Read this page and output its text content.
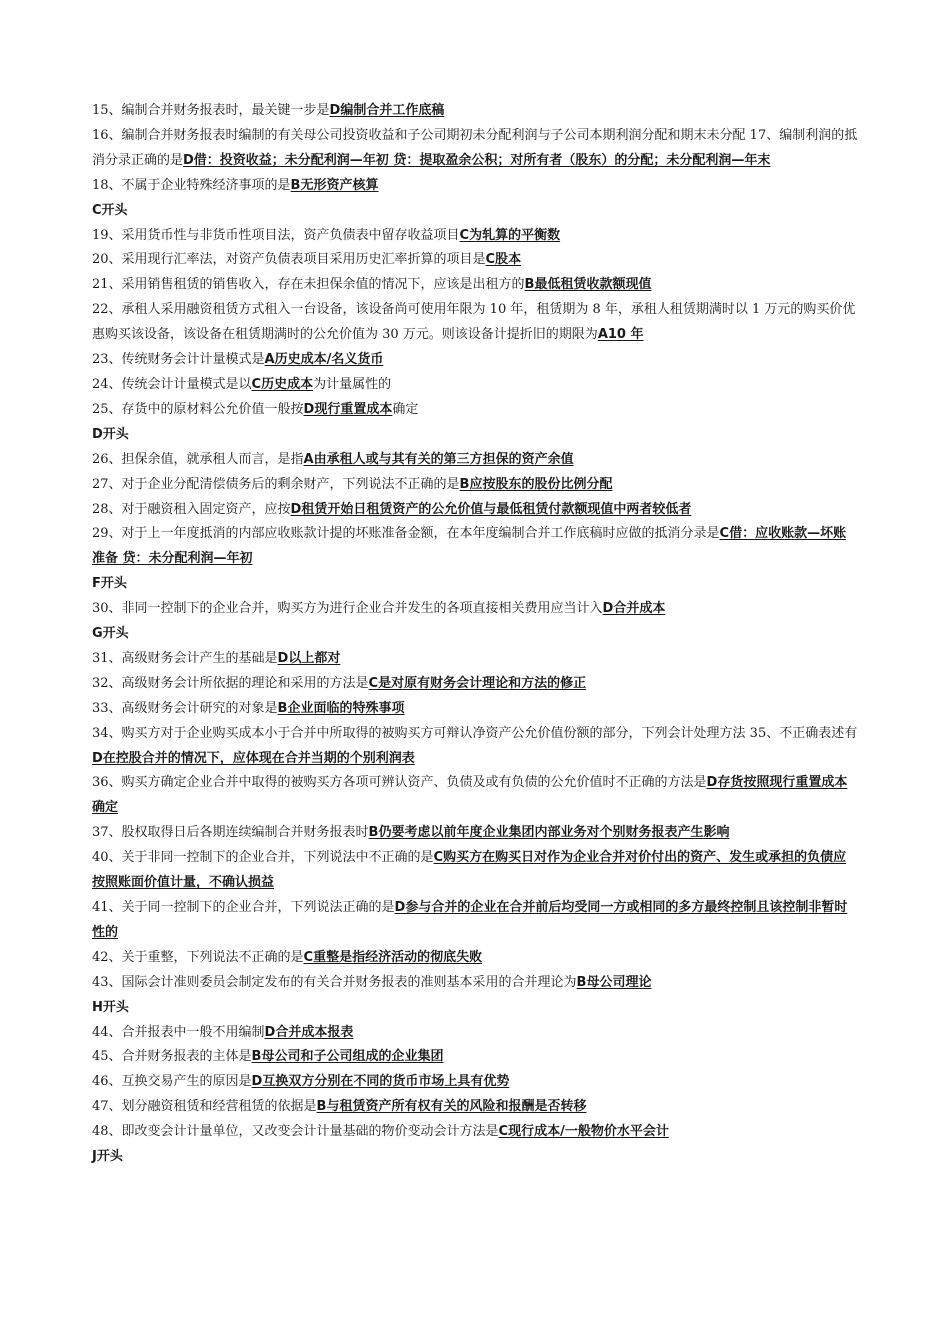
15、编制合并财务报表时，最关键一步是D编制合并工作底稿

16、编制合并财务报表时编制的有关母公司投资收益和子公司期初未分配利润与子公司本期利润分配和期末未分配 17、编制利润的抵消分录正确的是D借：投资收益；未分配利润—年初 贷：提取盈余公积；对所有者（股东）的分配；未分配利润—年末

18、不属于企业特殊经济事项的是B无形资产核算

C开头

19、采用货币性与非货币性项目法，资产负债表中留存收益项目C为轧算的平衡数

20、采用现行汇率法，对资产负债表项目采用历史汇率折算的项目是C股本

21、采用销售租赁的销售收入，存在未担保余值的情况下，应该是出租方的B最低租赁收款额现值

22、承租人采用融资租赁方式租入一台设备，该设备尚可使用年限为 10 年，租赁期为 8 年，承租人租赁期满时以 1 万元的购买价优惠购买该设备，该设备在租赁期满时的公允价值为 30 万元。则该设备计提折旧的期限为A10 年

23、传统财务会计计量模式是A历史成本/名义货币

24、传统会计计量模式是以C历史成本为计量属性的

25、存货中的原材料公允价值一般按D现行重置成本确定

D开头

26、担保余值，就承租人而言，是指A由承租人或与其有关的第三方担保的资产余值

27、对于企业分配清偿债务后的剩余财产，下列说法不正确的是B应按股东的股份比例分配

28、对于融资租入固定资产，应按D租赁开始日租赁资产的公允价值与最低租赁付款额现值中两者较低者

29、对于上一年度抵消的内部应收账款计提的坏账准备金额，在本年度编制合并工作底稿时应做的抵消分录是C借：应收账款—坏账准备 贷：未分配利润—年初

F开头

30、非同一控制下的企业合并，购买方为进行企业合并发生的各项直接相关费用应当计入D合并成本

G开头

31、高级财务会计产生的基础是D以上都对

32、高级财务会计所依据的理论和采用的方法是C是对原有财务会计理论和方法的修正

33、高级财务会计研究的对象是B企业面临的特殊事项

34、购买方对于企业购买成本小于合并中所取得的被购买方可辩认净资产公允价值份额的部分，下列会计处理方法 35、不正确表述有D在控股合并的情况下，应体现在合并当期的个别利润表

36、购买方确定企业合并中取得的被购买方各项可辨认资产、负债及或有负债的公允价值时不正确的方法是D存货按照现行重置成本确定

37、股权取得日后各期连续编制合并财务报表时B仍要考虑以前年度企业集团内部业务对个别财务报表产生影响

40、关于非同一控制下的企业合并，下列说法中不正确的是C购买方在购买日对作为企业合并对价付出的资产、发生或承担的负债应按照账面价值计量，不确认损益

41、关于同一控制下的企业合并，下列说法正确的是D参与合并的企业在合并前后均受同一方或相同的多方最终控制且该控制非暂时性的

42、关于重整，下列说法不正确的是C重整是指经济活动的彻底失败

43、国际会计准则委员会制定发布的有关合并财务报表的准则基本采用的合并理论为B母公司理论

H开头

44、合并报表中一般不用编制D合并成本报表

45、合并财务报表的主体是B母公司和子公司组成的企业集团

46、互换交易产生的原因是D互换双方分别在不同的货币市场上具有优势

47、划分融资租赁和经营租赁的依据是B与租赁资产所有权有关的风险和报酬是否转移

48、即改变会计计量单位，又改变会计计量基础的物价变动会计方法是C现行成本/一般物价水平会计

J开头
